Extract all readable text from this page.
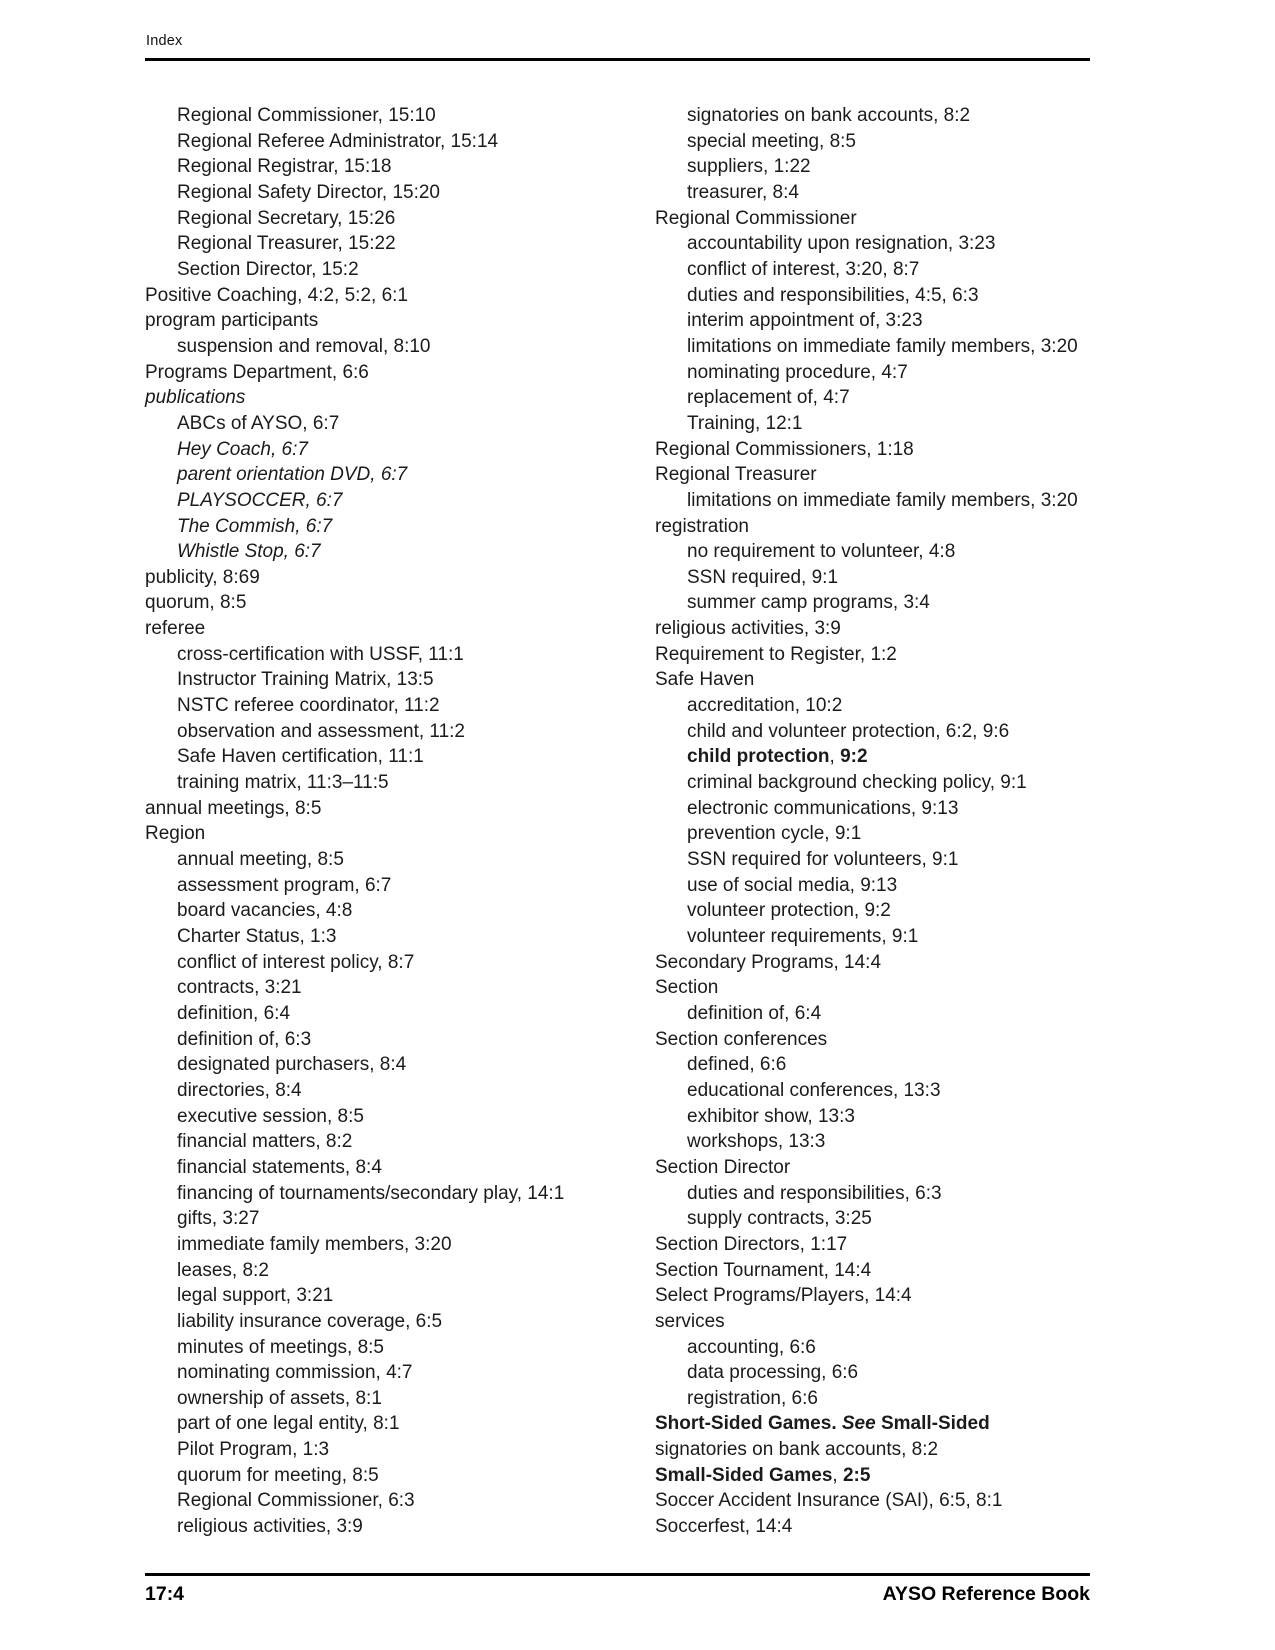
Index
Regional Commissioner, 15:10
Regional Referee Administrator, 15:14
Regional Registrar, 15:18
Regional Safety Director, 15:20
Regional Secretary, 15:26
Regional Treasurer, 15:22
Section Director, 15:2
Positive Coaching, 4:2, 5:2, 6:1
program participants
suspension and removal, 8:10
Programs Department, 6:6
publications
ABCs of AYSO, 6:7
Hey Coach, 6:7
parent orientation DVD, 6:7
PLAYSOCCER, 6:7
The Commish, 6:7
Whistle Stop, 6:7
publicity, 8:69
quorum, 8:5
referee
cross-certification with USSF, 11:1
Instructor Training Matrix, 13:5
NSTC referee coordinator, 11:2
observation and assessment, 11:2
Safe Haven certification, 11:1
training matrix, 11:3–11:5
annual meetings, 8:5
Region
annual meeting, 8:5
assessment program, 6:7
board vacancies, 4:8
Charter Status, 1:3
conflict of interest policy, 8:7
contracts, 3:21
definition, 6:4
definition of, 6:3
designated purchasers, 8:4
directories, 8:4
executive session, 8:5
financial matters, 8:2
financial statements, 8:4
financing of tournaments/secondary play, 14:1
gifts, 3:27
immediate family members, 3:20
leases, 8:2
legal support, 3:21
liability insurance coverage, 6:5
minutes of meetings, 8:5
nominating commission, 4:7
ownership of assets, 8:1
part of one legal entity, 8:1
Pilot Program, 1:3
quorum for meeting, 8:5
Regional Commissioner, 6:3
religious activities, 3:9
signatories on bank accounts, 8:2
special meeting, 8:5
suppliers, 1:22
treasurer, 8:4
Regional Commissioner
accountability upon resignation, 3:23
conflict of interest, 3:20, 8:7
duties and responsibilities, 4:5, 6:3
interim appointment of, 3:23
limitations on immediate family members, 3:20
nominating procedure, 4:7
replacement of, 4:7
Training, 12:1
Regional Commissioners, 1:18
Regional Treasurer
limitations on immediate family members, 3:20
registration
no requirement to volunteer, 4:8
SSN required, 9:1
summer camp programs, 3:4
religious activities, 3:9
Requirement to Register, 1:2
Safe Haven
accreditation, 10:2
child and volunteer protection, 6:2, 9:6
child protection, 9:2
criminal background checking policy, 9:1
electronic communications, 9:13
prevention cycle, 9:1
SSN required for volunteers, 9:1
use of social media, 9:13
volunteer protection, 9:2
volunteer requirements, 9:1
Secondary Programs, 14:4
Section
definition of, 6:4
Section conferences
defined, 6:6
educational conferences, 13:3
exhibitor show, 13:3
workshops, 13:3
Section Director
duties and responsibilities, 6:3
supply contracts, 3:25
Section Directors, 1:17
Section Tournament, 14:4
Select Programs/Players, 14:4
services
accounting, 6:6
data processing, 6:6
registration, 6:6
Short-Sided Games. See Small-Sided
signatories on bank accounts, 8:2
Small-Sided Games, 2:5
Soccer Accident Insurance (SAI), 6:5, 8:1
Soccerfest, 14:4
17:4	AYSO Reference Book
